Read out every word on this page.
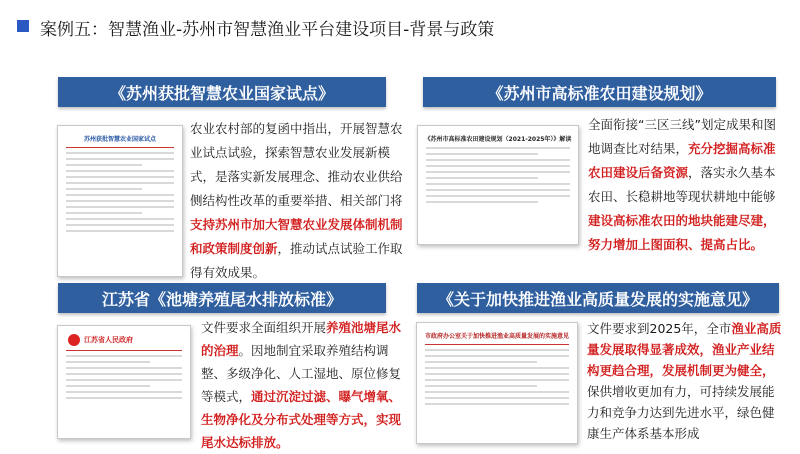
案例五：智慧渔业-苏州市智慧渔业平台建设项目-背景与政策
《苏州获批智慧农业国家试点》
苏州获批智慧农业国家试点
农业农村部的复函中指出，开展智慧农业试点试验，探索智慧农业发展新模式，是落实新发展理念、推动农业供给侧结构性改革的重要举措、相关部门将支持苏州市加大智慧农业发展体制机制和政策制度创新，推动试点试验工作取得有效成果。
《苏州市高标准农田建设规划》
《苏州市高标准农田建设规划（2021-2025年）》解读
全面衔接“三区三线”划定成果和图地调查比对结果，充分挖掘高标准农田建设后备资源，落实永久基本农田、长稳耕地等现状耕地中能够建设高标准农田的地块能建尽建，努力增加上图面积、提高占比。
江苏省《池塘养殖尾水排放标准》
江苏省人民政府
文件要求全面组织开展养殖池塘尾水的治理。因地制宜采取养殖结构调整、多级净化、人工湿地、原位修复等模式，通过沉淀过滤、曝气增氧、生物净化及分布式处理等方式，实现尾水达标排放。
《关于加快推进渔业高质量发展的实施意见》
市政府办公室关于加快推进渔业高质量发展的实施意见
文件要求到2025年，全市渔业高质量发展取得显著成效，渔业产业结构更趋合理，发展机制更为健全，保供增收更加有力，可持续发展能力和竞争力达到先进水平，绿色健康生产体系基本形成
